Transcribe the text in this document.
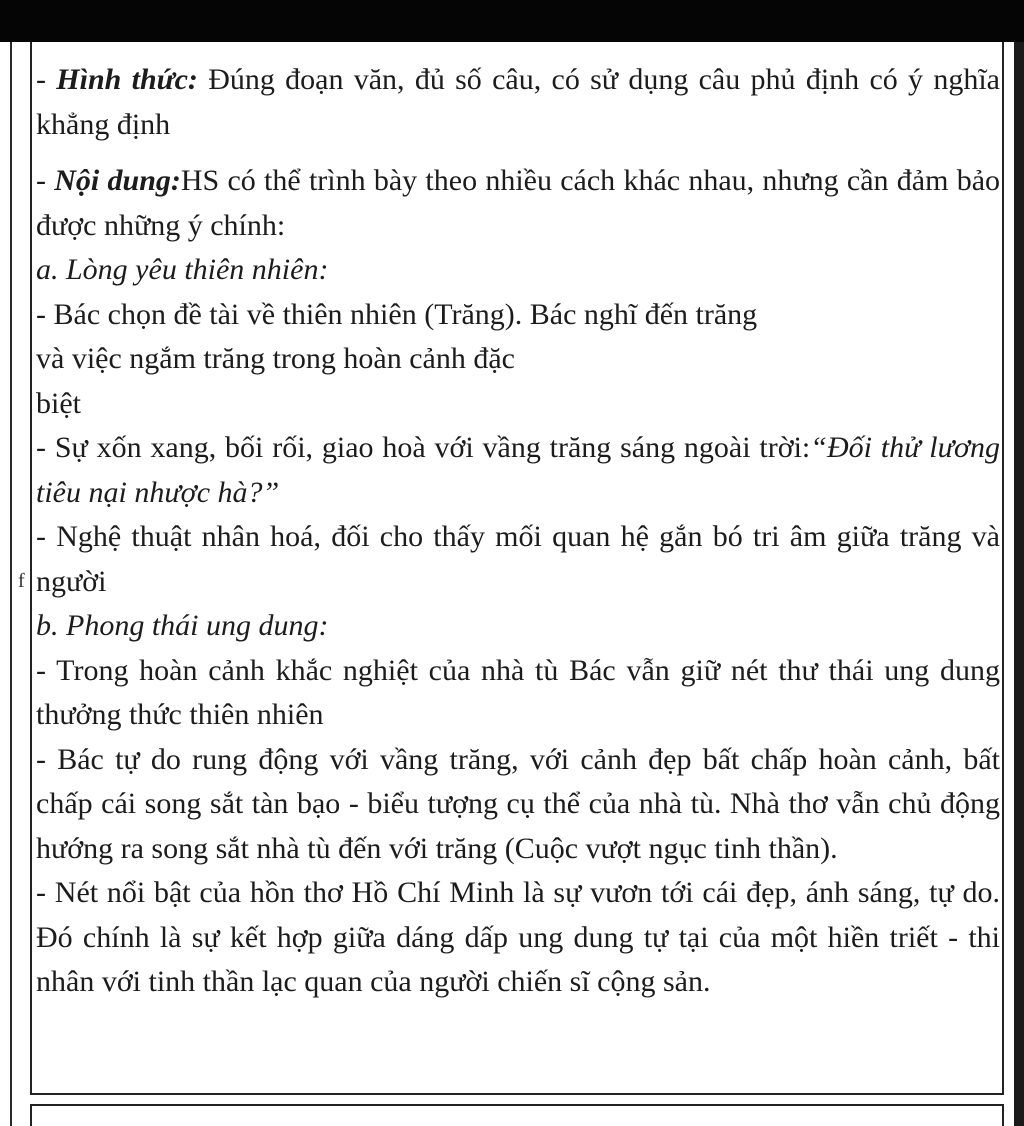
f

- Hình thức: Đúng đoạn văn, đủ số câu, có sử dụng câu phủ định có ý nghĩa khẳng định

- Nội dung:HS có thể trình bày theo nhiều cách khác nhau, nhưng cần đảm bảo được những ý chính:

a. Lòng yêu thiên nhiên:

- Bác chọn đề tài về thiên nhiên (Trăng). Bác nghĩ đến trăng

và việc ngắm trăng trong hoàn cảnh đặc

biệt

- Sự xốn xang, bối rối, giao hoà với vầng trăng sáng ngoài trời:“Đối thử lương tiêu nại nhược hà?”

- Nghệ thuật nhân hoá, đối cho thấy mối quan hệ gắn bó tri âm giữa trăng và người

b. Phong thái ung dung:

- Trong hoàn cảnh khắc nghiệt của nhà tù Bác vẫn giữ nét thư thái ung dung thưởng thức thiên nhiên

- Bác tự do rung động với vầng trăng, với cảnh đẹp bất chấp hoàn cảnh, bất chấp cái song sắt tàn bạo - biểu tượng cụ thể của nhà tù. Nhà thơ vẫn chủ động hướng ra song sắt nhà tù đến với trăng (Cuộc vượt ngục tinh thần).

- Nét nổi bật của hồn thơ Hồ Chí Minh là sự vươn tới cái đẹp, ánh sáng, tự do. Đó chính là sự kết hợp giữa dáng dấp ung dung tự tại của một hiền triết - thi nhân với tinh thần lạc quan của người chiến sĩ cộng sản.
